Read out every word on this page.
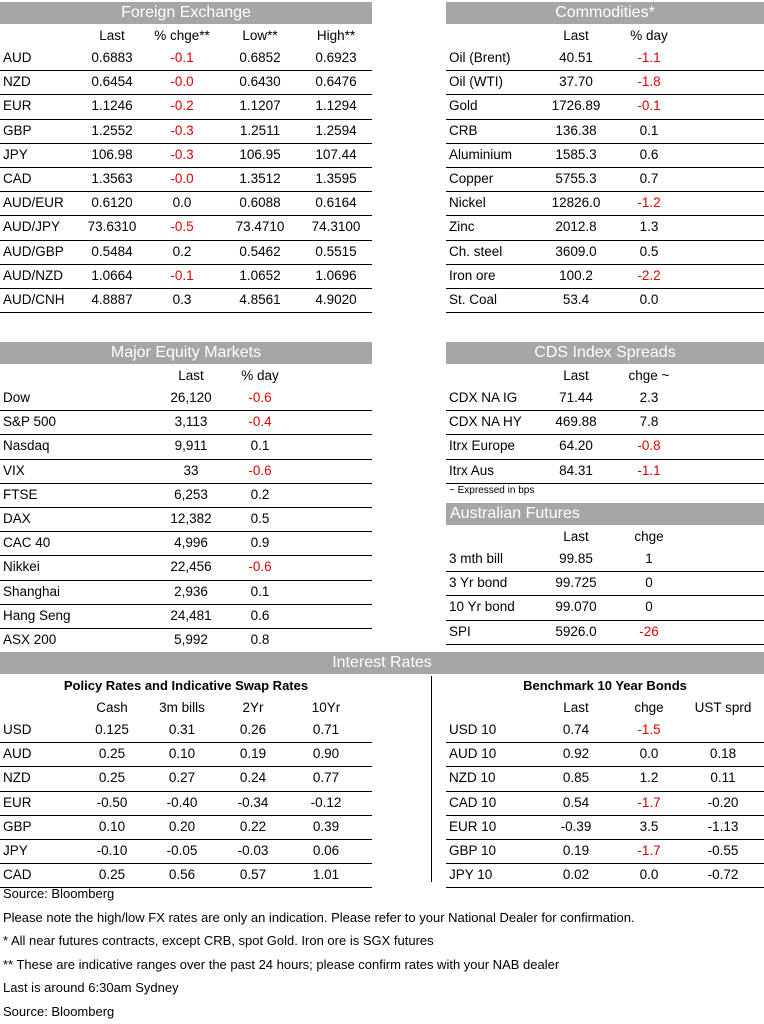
Foreign Exchange
Last	% chge**	Low**	High**
AUD	0.6883	-0.1	0.6852	0.6923
NZD	0.6454	-0.0	0.6430	0.6476
EUR	1.1246	-0.2	1.1207	1.1294
GBP	1.2552	-0.3	1.2511	1.2594
JPY	106.98	-0.3	106.95	107.44
CAD	1.3563	-0.0	1.3512	1.3595
AUD/EUR	0.6120	0.0	0.6088	0.6164
AUD/JPY	73.6310	-0.5	73.4710	74.3100
AUD/GBP	0.5484	0.2	0.5462	0.5515
AUD/NZD	1.0664	-0.1	1.0652	1.0696
AUD/CNH	4.8887	0.3	4.8561	4.9020
Commodities*
Last	% day
Oil (Brent)	40.51	-1.1
Oil (WTI)	37.70	-1.8
Gold	1726.89	-0.1
CRB	136.38	0.1
Aluminium	1585.3	0.6
Copper	5755.3	0.7
Nickel	12826.0	-1.2
Zinc	2012.8	1.3
Ch. steel	3609.0	0.5
Iron ore	100.2	-2.2
St. Coal	53.4	0.0
Major Equity Markets
Last	% day
Dow	26,120	-0.6
S&P 500	3,113	-0.4
Nasdaq	9,911	0.1
VIX	33	-0.6
FTSE	6,253	0.2
DAX	12,382	0.5
CAC 40	4,996	0.9
Nikkei	22,456	-0.6
Shanghai	2,936	0.1
Hang Seng	24,481	0.6
ASX 200	5,992	0.8
CDS Index Spreads
Last	chge ~
CDX NA IG	71.44	2.3
CDX NA HY	469.88	7.8
Itrx Europe	64.20	-0.8
Itrx Aus	84.31	-1.1
~ Expressed in bps
Australian Futures
Last	chge
3 mth bill	99.85	1
3 Yr bond	99.725	0
10 Yr bond	99.070	0
SPI	5926.0	-26
Interest Rates
Policy Rates and Indicative Swap Rates
Cash	3m bills	2Yr	10Yr
USD	0.125	0.31	0.26	0.71
AUD	0.25	0.10	0.19	0.90
NZD	0.25	0.27	0.24	0.77
EUR	-0.50	-0.40	-0.34	-0.12
GBP	0.10	0.20	0.22	0.39
JPY	-0.10	-0.05	-0.03	0.06
CAD	0.25	0.56	0.57	1.01
Benchmark 10 Year Bonds
Last	chge	UST sprd
USD 10	0.74	-1.5
AUD 10	0.92	0.0	0.18
NZD 10	0.85	1.2	0.11
CAD 10	0.54	-1.7	-0.20
EUR 10	-0.39	3.5	-1.13
GBP 10	0.19	-1.7	-0.55
JPY 10	0.02	0.0	-0.72
Source: Bloomberg
Please note the high/low FX rates are only an indication. Please refer to your National Dealer for confirmation.
* All near futures contracts, except CRB, spot Gold. Iron ore is SGX futures
** These are indicative ranges over the past 24 hours; please confirm rates with your NAB dealer
Last is around 6:30am Sydney
Source: Bloomberg
